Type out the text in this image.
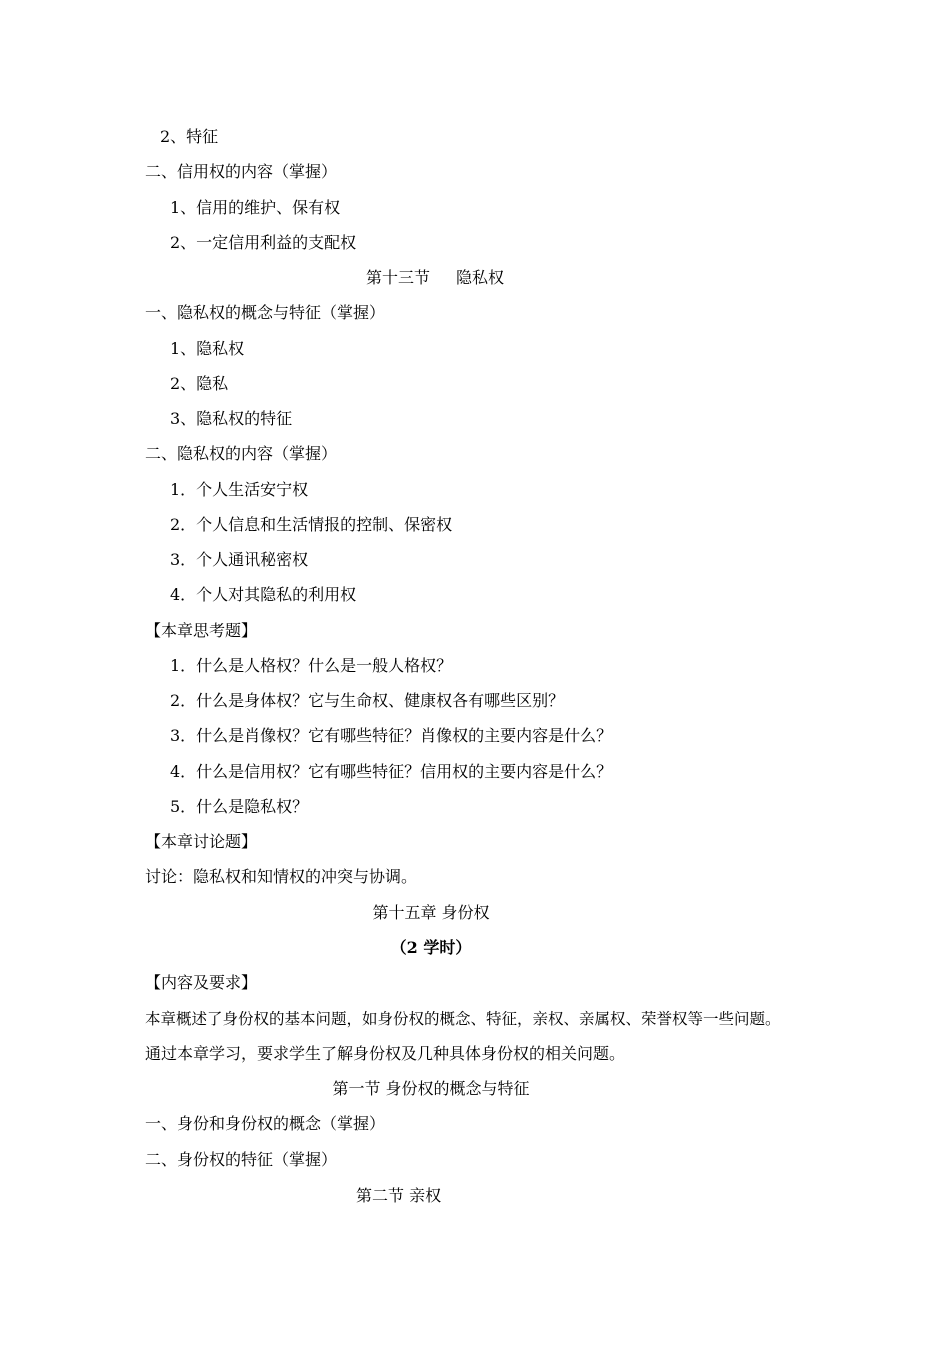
2、特征
二、信用权的内容（掌握）
1、信用的维护、保有权
2、一定信用利益的支配权
第十三节 隐私权
一、隐私权的概念与特征（掌握）
1、隐私权
2、隐私
3、隐私权的特征
二、隐私权的内容（掌握）
1．个人生活安宁权
2．个人信息和生活情报的控制、保密权
3．个人通讯秘密权
4．个人对其隐私的利用权
【本章思考题】
1．什么是人格权？什么是一般人格权？
2．什么是身体权？它与生命权、健康权各有哪些区别？
3．什么是肖像权？它有哪些特征？肖像权的主要内容是什么？
4．什么是信用权？它有哪些特征？信用权的主要内容是什么？
5．什么是隐私权？
【本章讨论题】
讨论：隐私权和知情权的冲突与协调。
第十五章 身份权
（2 学时）
【内容及要求】
本章概述了身份权的基本问题，如身份权的概念、特征，亲权、亲属权、荣誉权等一些问题。
通过本章学习，要求学生了解身份权及几种具体身份权的相关问题。
第一节 身份权的概念与特征
一、身份和身份权的概念（掌握）
二、身份权的特征（掌握）
第二节 亲权
